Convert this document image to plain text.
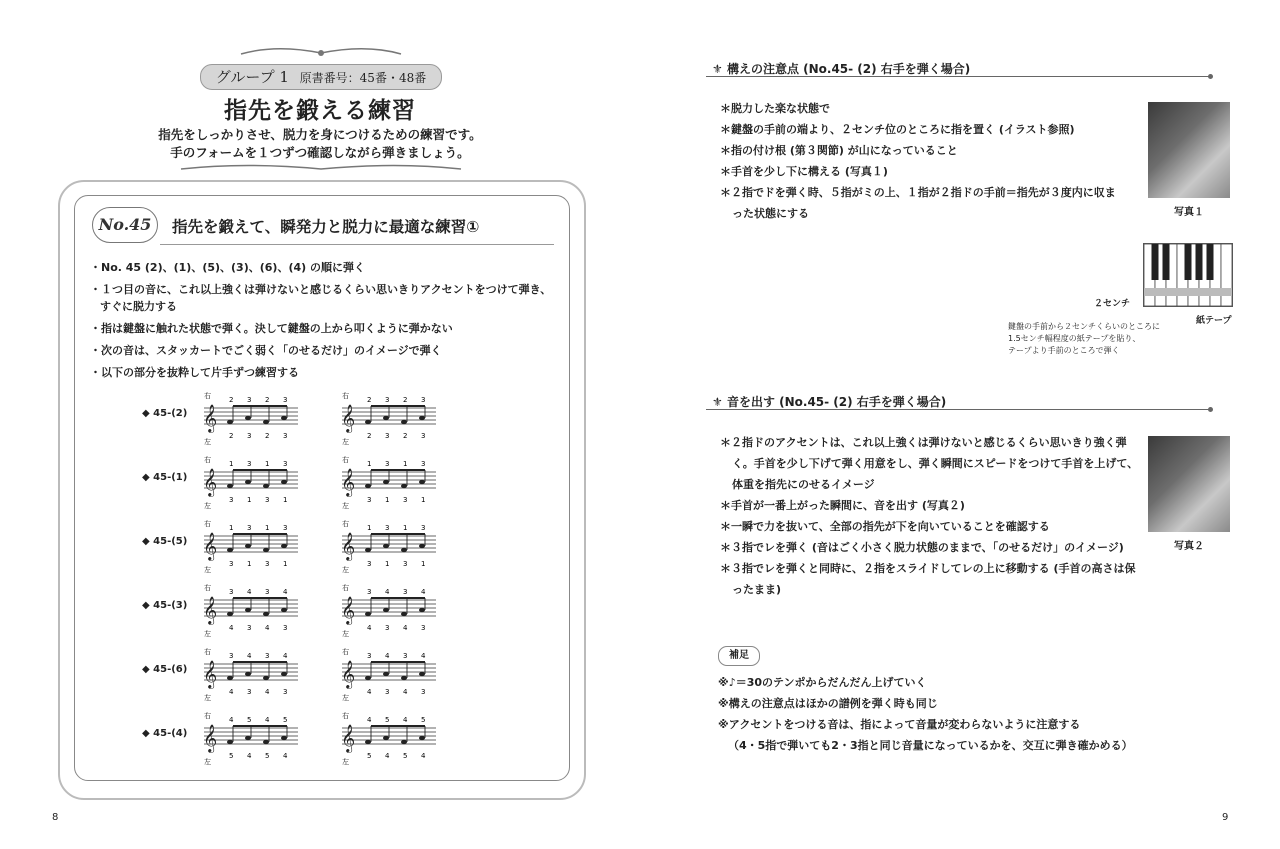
グループ 1 原書番号：45番・48番
指先を鍛える練習
指先をしっかりさせ、脱力を身につけるための練習です。
手のフォームを１つずつ確認しながら弾きましょう。
No.45	指先を鍛えて、瞬発力と脱力に最適な練習①
・No. 45 (2)、(1)、(5)、(3)、(6)、(4) の順に弾く
・１つ目の音に、これ以上強くは弾けないと感じるくらい思いきりアクセントをつけて弾き、すぐに脱力する
・指は鍵盤に触れた状態で弾く。決して鍵盤の上から叩くように弾かない
・次の音は、スタッカートでごく弱く「のせるだけ」のイメージで弾く
・以下の部分を抜粋して片手ずつ練習する
◆ 45-(2) 𝄞
右
左
2
2
3
3
2
2
3
3
𝄞
右
左
2
2
3
3
2
2
3
3
◆ 45-(1) 𝄞
右
左
1
3
3
1
1
3
3
1
𝄞
右
左
1
3
3
1
1
3
3
1
◆ 45-(5) 𝄞
右
左
1
3
3
1
1
3
3
1
𝄞
右
左
1
3
3
1
1
3
3
1
◆ 45-(3) 𝄞
右
左
3
4
4
3
3
4
4
3
𝄞
右
左
3
4
4
3
3
4
4
3
◆ 45-(6) 𝄞
右
左
3
4
4
3
3
4
4
3
𝄞
右
左
3
4
4
3
3
4
4
3
◆ 45-(4) 𝄞
右
左
4
5
5
4
4
5
5
4
𝄞
右
左
4
5
5
4
4
5
5
4
8
⚜ 構えの注意点 (No.45- (2) 右手を弾く場合)
＊脱力した楽な状態で
＊鍵盤の手前の端より、２センチ位のところに指を置く (イラスト参照)
＊指の付け根 (第３関節) が山になっていること
＊手首を少し下に構える (写真１)
＊２指でドを弾く時、５指がミの上、１指が２指ドの手前＝指先が３度内に収まった状態にする	写真１
２センチ
紙テープ
鍵盤の手前から２センチくらいのところに
1.5センチ幅程度の紙テープを貼り、
テープより手前のところで弾く
⚜ 音を出す (No.45- (2) 右手を弾く場合)
＊２指ドのアクセントは、これ以上強くは弾けないと感じるくらい思いきり強く弾く。手首を少し下げて弾く用意をし、弾く瞬間にスピードをつけて手首を上げて、体重を指先にのせるイメージ
＊手首が一番上がった瞬間に、音を出す (写真２)
＊一瞬で力を抜いて、全部の指先が下を向いていることを確認する
＊３指でレを弾く (音はごく小さく脱力状態のままで、「のせるだけ」のイメージ)
＊３指でレを弾くと同時に、２指をスライドしてレの上に移動する (手首の高さは保ったまま)
写真２
補足
※♪＝30のテンポからだんだん上げていく
※構えの注意点はほかの譜例を弾く時も同じ
※アクセントをつける音は、指によって音量が変わらないように注意する
（4・5指で弾いても2・3指と同じ音量になっているかを、交互に弾き確かめる）
9
